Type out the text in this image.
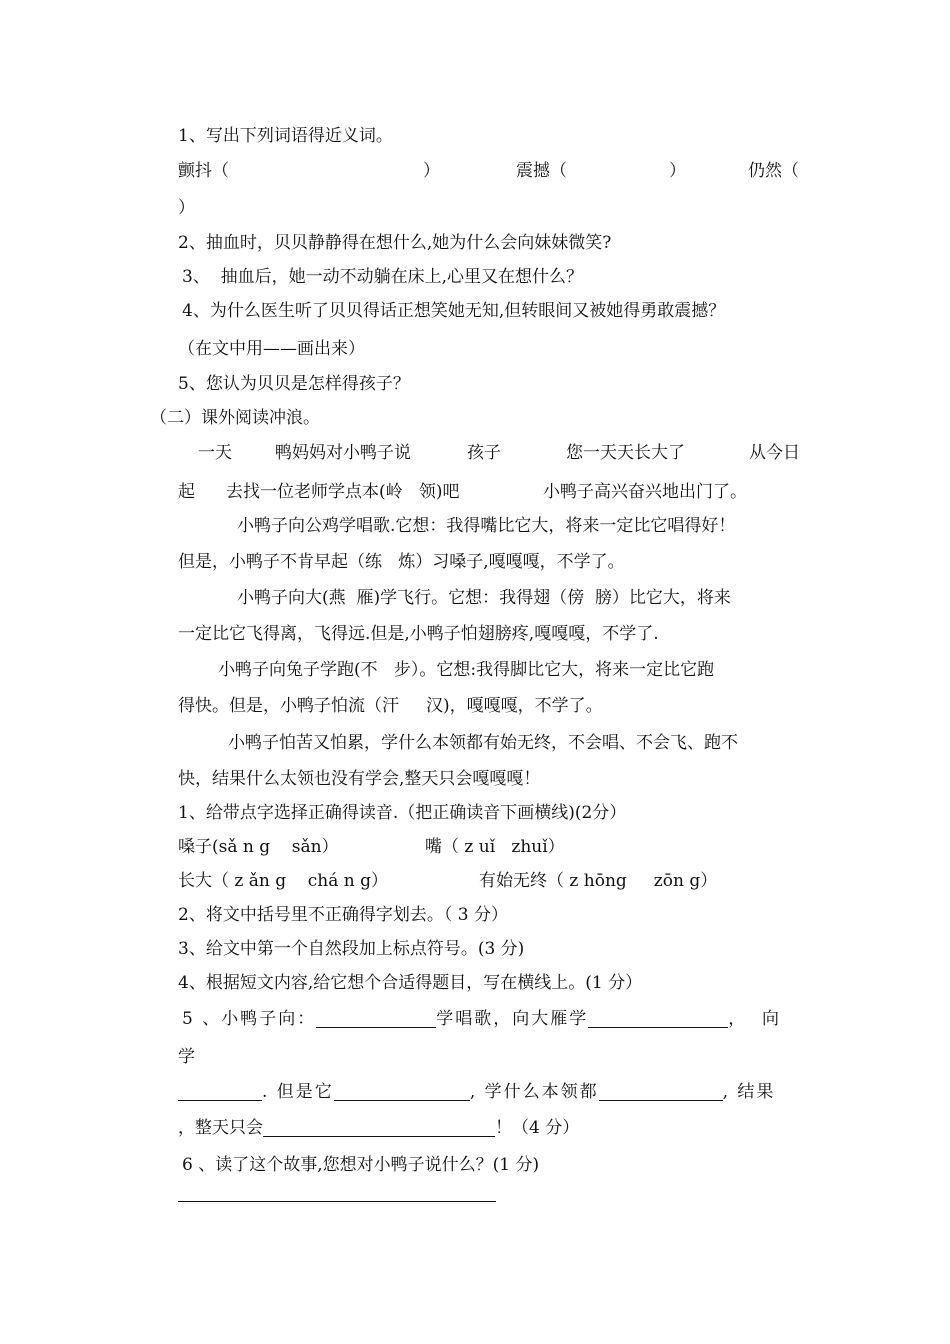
1、写出下列词语得近义词。
颤抖（	）	震撼（	）	仍然（
）
2、抽血时，贝贝静静得在想什么,她为什么会向妹妹微笑?
3、  抽血后，她一动不动躺在床上,心里又在想什么？
4、为什么医生听了贝贝得话正想笑她无知,但转眼间又被她得勇敢震撼？
（在文中用——画出来）
5、您认为贝贝是怎样得孩子？
（二）课外阅读冲浪。
一天	鸭妈妈对小鸭子说	孩子	您一天天长大了	从今日
起 去找一位老师学点本(岭   领)吧	小鸭子高兴奋兴地出门了。
小鸭子向公鸡学唱歌.它想：我得嘴比它大，将来一定比它唱得好！
但是，小鸭子不肯早起（练   炼）习嗓子,嘎嘎嘎，不学了。
小鸭子向大(燕  雁)学飞行。它想：我得翅（傍  膀）比它大，将来
一定比它飞得离，飞得远.但是,小鸭子怕翅膀疼,嘎嘎嘎，不学了.
小鸭子向兔子学跑(不   步）。它想:我得脚比它大，将来一定比它跑
得快。但是，小鸭子怕流（汗     汉)，嘎嘎嘎，不学了。
小鸭子怕苦又怕累，学什么本领都有始无终，不会唱、不会飞、跑不
快，结果什么太领也没有学会,整天只会嘎嘎嘎！
1、给带点字选择正确得读音.（把正确读音下画横线)(2分）
嗓子(sǎ n g    sǎn）	嘴（ z uǐ   zhuǐ）
长大（ z ǎn g    chá n g）	有始无终（ z hōng     zōn g）
2、将文中括号里不正确得字划去。（ 3 分）
3、给文中第一个自然段加上标点符号。(3 分)
4、根据短文内容,给它想个合适得题目，写在横线上。(1 分）
5 、小鸭子向：	学唱歌，向大雁学	，  向
学
. 但是它	, 学什么本领都	, 结果
，整天只会	！（4 分）
6 、读了这个故事,您想对小鸭子说什么？(1 分)
